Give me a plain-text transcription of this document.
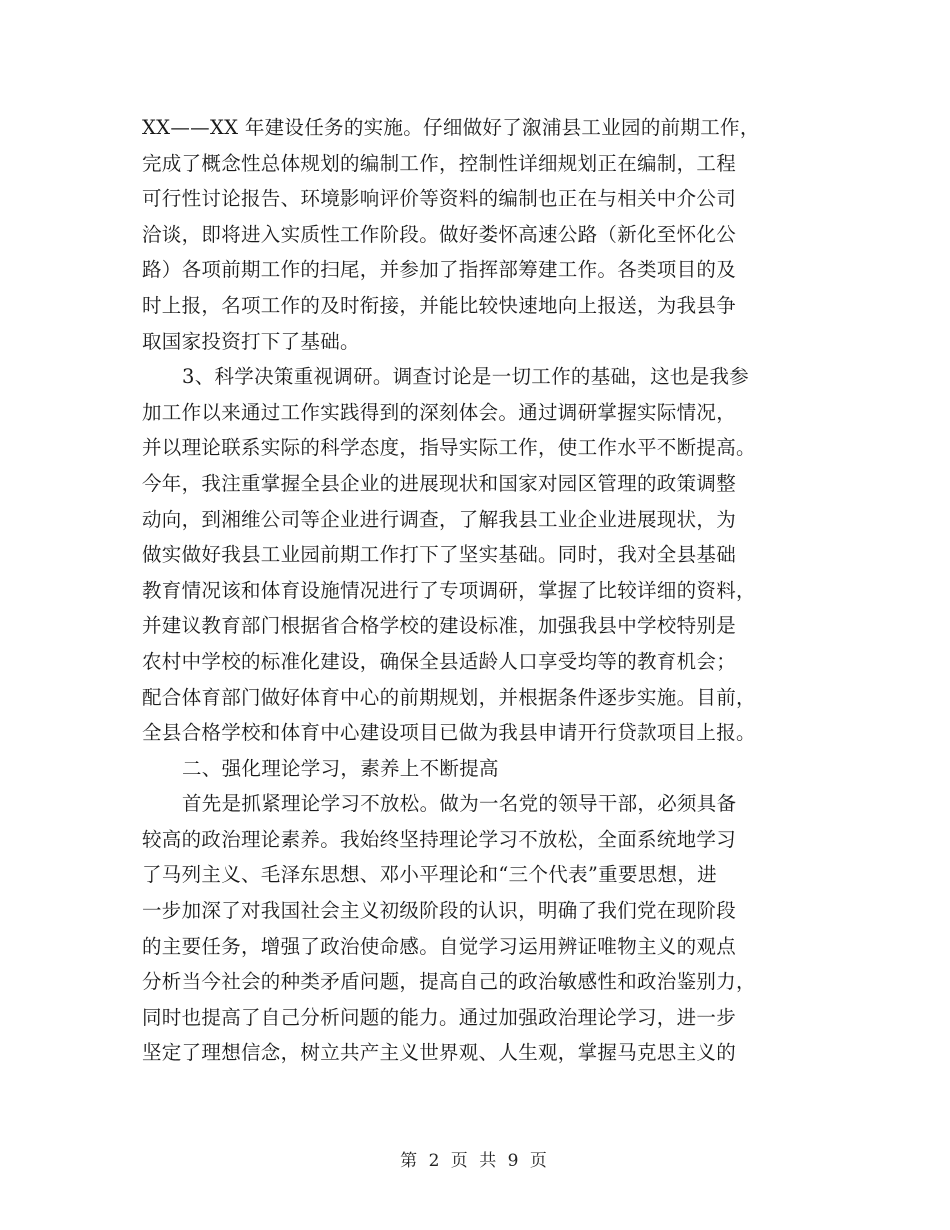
XX——XX 年建设任务的实施。仔细做好了溆浦县工业园的前期工作，
完成了概念性总体规划的编制工作，控制性详细规划正在编制，工程
可行性讨论报告、环境影响评价等资料的编制也正在与相关中介公司
洽谈，即将进入实质性工作阶段。做好娄怀高速公路（新化至怀化公
路）各项前期工作的扫尾，并参加了指挥部筹建工作。各类项目的及
时上报，名项工作的及时衔接，并能比较快速地向上报送，为我县争
取国家投资打下了基础。
3、科学决策重视调研。调查讨论是一切工作的基础，这也是我参
加工作以来通过工作实践得到的深刻体会。通过调研掌握实际情况，
并以理论联系实际的科学态度，指导实际工作，使工作水平不断提高。
今年，我注重掌握全县企业的进展现状和国家对园区管理的政策调整
动向，到湘维公司等企业进行调查，了解我县工业企业进展现状，为
做实做好我县工业园前期工作打下了坚实基础。同时，我对全县基础
教育情况该和体育设施情况进行了专项调研，掌握了比较详细的资料，
并建议教育部门根据省合格学校的建设标准，加强我县中学校特别是
农村中学校的标准化建设，确保全县适龄人口享受均等的教育机会；
配合体育部门做好体育中心的前期规划，并根据条件逐步实施。目前，
全县合格学校和体育中心建设项目已做为我县申请开行贷款项目上报。
二、强化理论学习，素养上不断提高
首先是抓紧理论学习不放松。做为一名党的领导干部，必须具备
较高的政治理论素养。我始终坚持理论学习不放松，全面系统地学习
了马列主义、毛泽东思想、邓小平理论和“三个代表”重要思想，进
一步加深了对我国社会主义初级阶段的认识，明确了我们党在现阶段
的主要任务，增强了政治使命感。自觉学习运用辨证唯物主义的观点
分析当今社会的种类矛盾问题，提高自己的政治敏感性和政治鉴别力，
同时也提高了自己分析问题的能力。通过加强政治理论学习，进一步
坚定了理想信念，树立共产主义世界观、人生观，掌握马克思主义的
第 2 页 共 9 页
